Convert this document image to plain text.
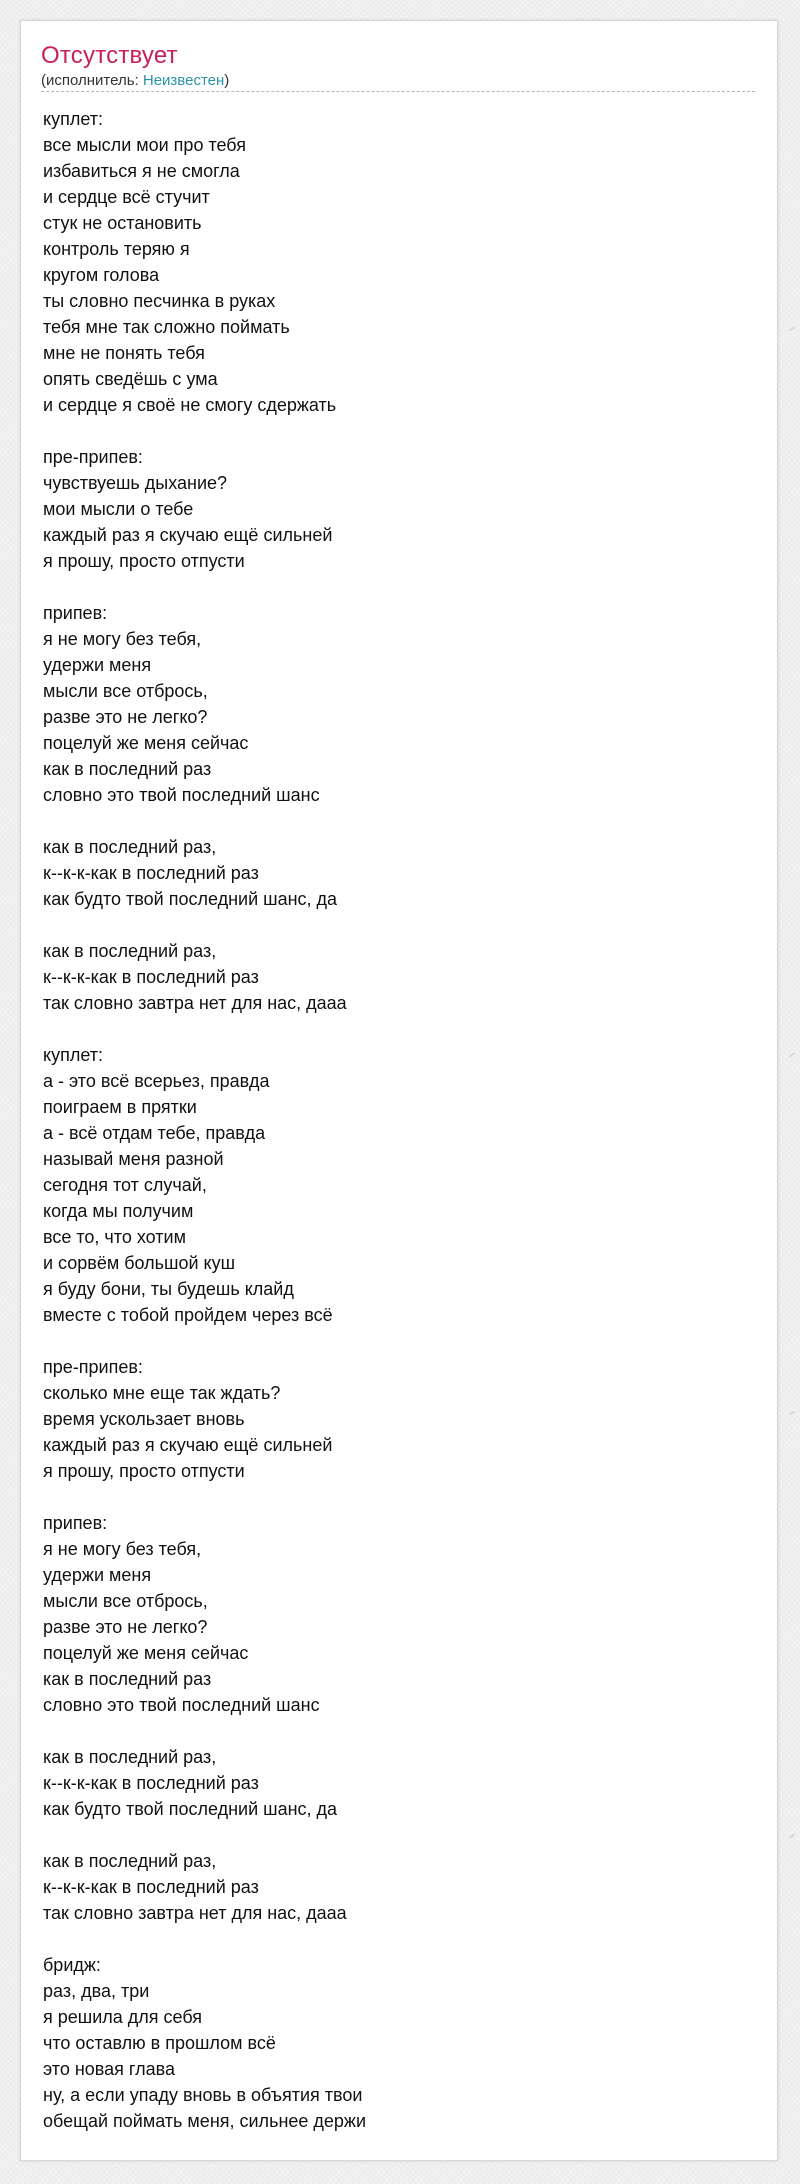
Отсутствует
(исполнитель: Неизвестен)
куплет:
все мысли мои про тебя
избавиться я не смогла
и сердце всё стучит
стук не остановить
контроль теряю я
кругом голова
ты словно песчинка в руках
тебя мне так сложно поймать
мне не понять тебя
опять сведёшь с ума
и сердце я своё не смогу сдержать
пре-припев:
чувствуешь дыхание?
мои мысли о тебе
каждый раз я скучаю ещё сильней
я прошу, просто отпусти
припев:
я не могу без тебя,
удержи меня
мысли все отбрось,
разве это не легко?
поцелуй же меня сейчас
как в последний раз
словно это твой последний шанс
как в последний раз,
к--к-к-как в последний раз
как будто твой последний шанс, да
как в последний раз,
к--к-к-как в последний раз
так словно завтра нет для нас, дааа
куплет:
а - это всё всерьез, правда
поиграем в прятки
а - всё отдам тебе, правда
называй меня разной
сегодня тот случай,
когда мы получим
все то, что хотим
и сорвём большой куш
я буду бони, ты будешь клайд
вместе с тобой пройдем через всё
пре-припев:
сколько мне еще так ждать?
время ускользает вновь
каждый раз я скучаю ещё сильней
я прошу, просто отпусти
припев:
я не могу без тебя,
удержи меня
мысли все отбрось,
разве это не легко?
поцелуй же меня сейчас
как в последний раз
словно это твой последний шанс
как в последний раз,
к--к-к-как в последний раз
как будто твой последний шанс, да
как в последний раз,
к--к-к-как в последний раз
так словно завтра нет для нас, дааа
бридж:
раз, два, три
я решила для себя
что оставлю в прошлом всё
это новая глава
ну, а если упаду вновь в объятия твои
обещай поймать меня, сильнее держи
